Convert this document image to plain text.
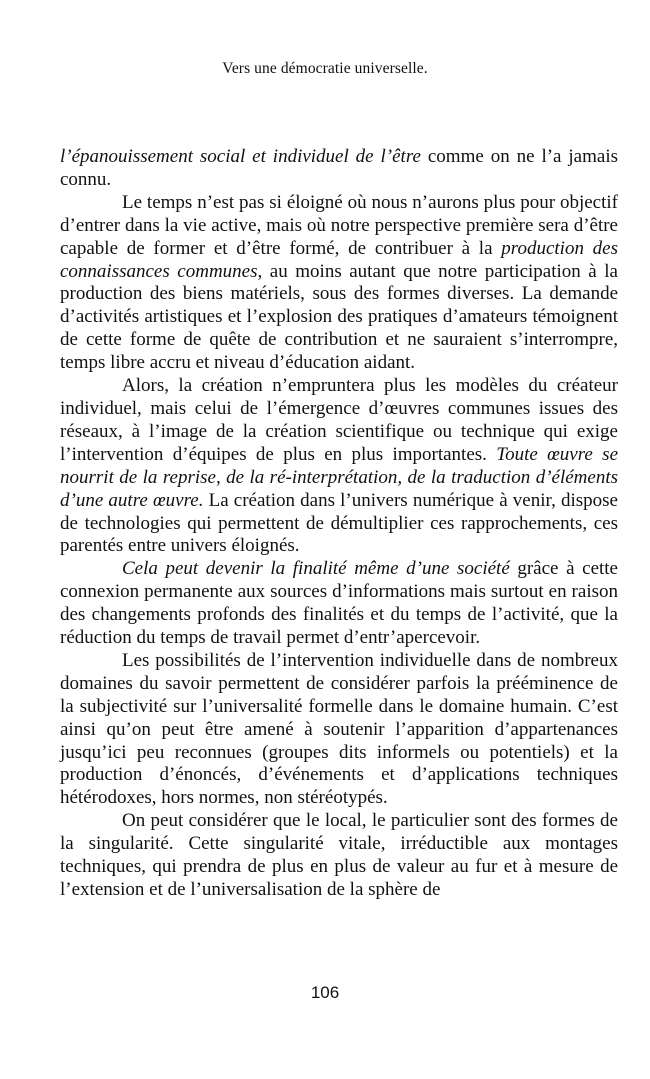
Vers une démocratie universelle.

l’épanouissement social et individuel de l’être comme on ne l’a jamais connu.

Le temps n’est pas si éloigné où nous n’aurons plus pour objectif d’entrer dans la vie active, mais où notre perspective première sera d’être capable de former et d’être formé, de contribuer à la production des connaissances communes, au moins autant que notre participation à la production des biens matériels, sous des formes diverses. La demande d’activités artistiques et l’explosion des pratiques d’amateurs témoignent de cette forme de quête de contribution et ne sauraient s’interrompre, temps libre accru et niveau d’éducation aidant.

Alors, la création n’empruntera plus les modèles du créateur individuel, mais celui de l’émergence d’œuvres communes issues des réseaux, à l’image de la création scientifique ou technique qui exige l’intervention d’équipes de plus en plus importantes. Toute œuvre se nourrit de la reprise, de la ré-interprétation, de la traduction d’éléments d’une autre œuvre. La création dans l’univers numérique à venir, dispose de technologies qui permettent de démultiplier ces rapprochements, ces parentés entre univers éloignés.

Cela peut devenir la finalité même d’une société grâce à cette connexion permanente aux sources d’informations mais surtout en raison des changements profonds des finalités et du temps de l’activité, que la réduction du temps de travail permet d’entr’apercevoir.

Les possibilités de l’intervention individuelle dans de nombreux domaines du savoir permettent de considérer parfois la prééminence de la subjectivité sur l’universalité formelle dans le domaine humain. C’est ainsi qu’on peut être amené à soutenir l’apparition d’appartenances jusqu’ici peu reconnues (groupes dits informels ou potentiels) et la production d’énoncés, d’événements et d’applications techniques hétérodoxes, hors normes, non stéréotypés.

On peut considérer que le local, le particulier sont des formes de la singularité. Cette singularité vitale, irréductible aux montages techniques, qui prendra de plus en plus de valeur au fur et à mesure de l’extension et de l’universalisation de la sphère de

106
